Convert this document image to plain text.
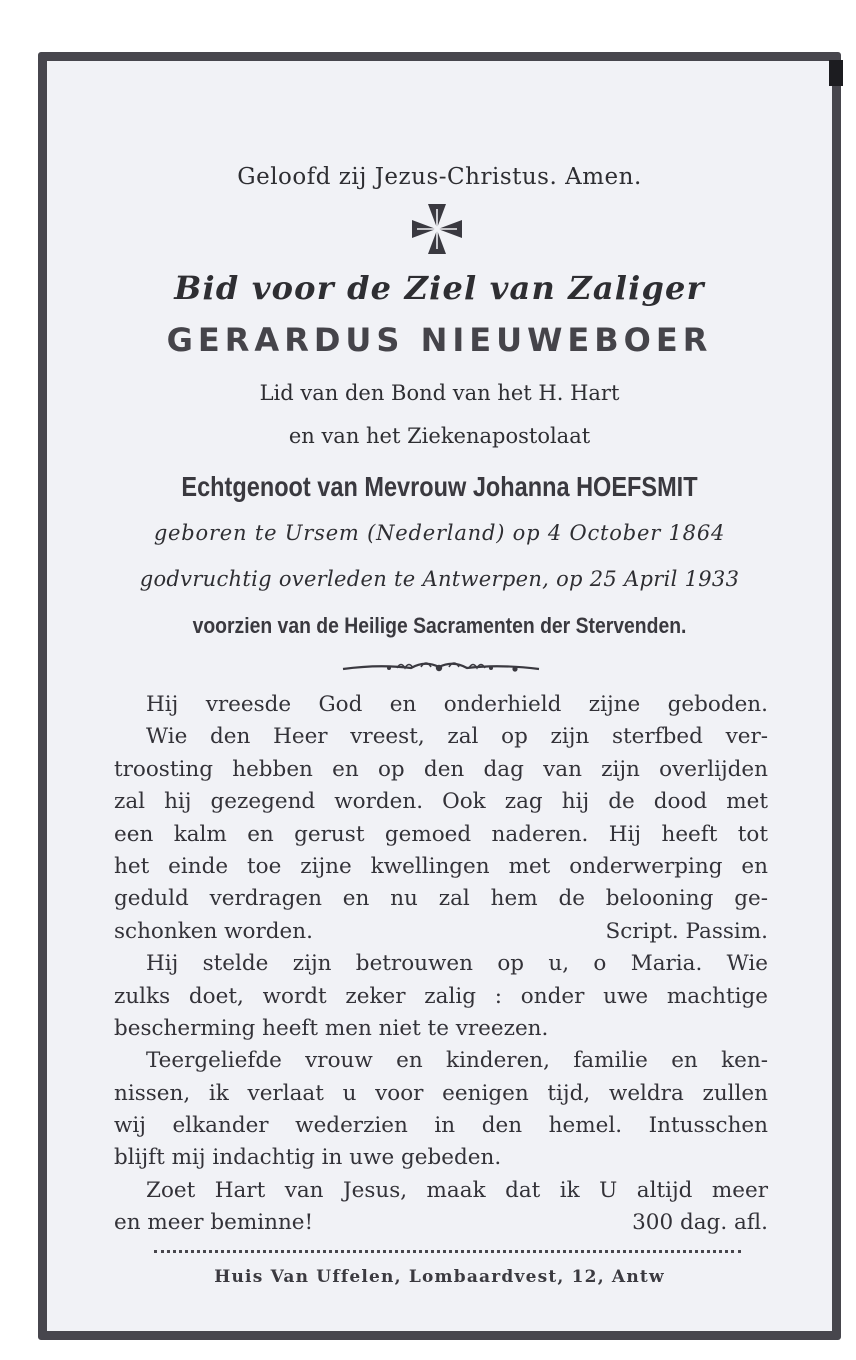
Geloofd zij Jezus-Christus. Amen.
Bid voor de Ziel van Zaliger
GERARDUS NIEUWEBOER
Lid van den Bond van het H. Hart
en van het Ziekenapostolaat
Echtgenoot van Mevrouw Johanna HOEFSMIT
geboren te Ursem (Nederland) op 4 October 1864
godvruchtig overleden te Antwerpen, op 25 April 1933
voorzien van de Heilige Sacramenten der Stervenden.
Hij vreesde God en onderhield zijne geboden.
Wie den Heer vreest, zal op zijn sterfbed ver-
troosting hebben en op den dag van zijn overlijden
zal hij gezegend worden. Ook zag hij de dood met
een kalm en gerust gemoed naderen. Hij heeft tot
het einde toe zijne kwellingen met onderwerping en
geduld verdragen en nu zal hem de belooning ge-
schonken worden.	Script. Passim.
Hij stelde zijn betrouwen op u, o Maria. Wie
zulks doet, wordt zeker zalig : onder uwe machtige
bescherming heeft men niet te vreezen.
Teergeliefde vrouw en kinderen, familie en ken-
nissen, ik verlaat u voor eenigen tijd, weldra zullen
wij elkander wederzien in den hemel. Intusschen
blijft mij indachtig in uwe gebeden.
Zoet Hart van Jesus, maak dat ik U altijd meer
en meer beminne!	300 dag. afl.
Huis Van Uffelen, Lombaardvest, 12, Antw
